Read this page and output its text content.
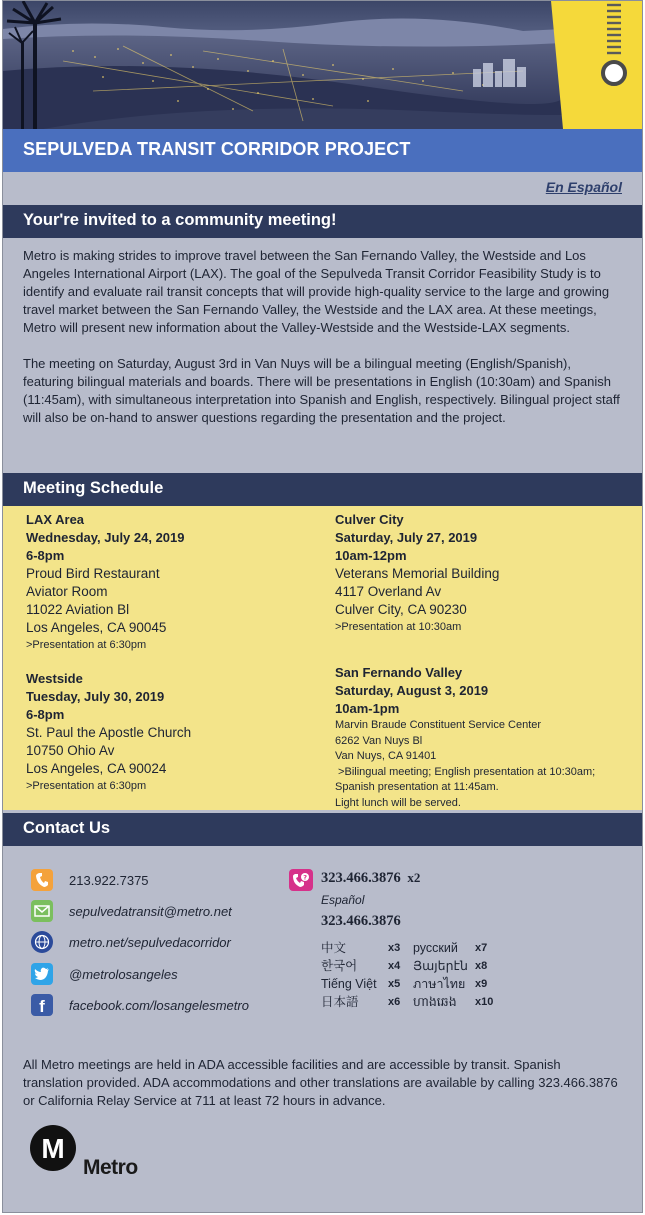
SEPULVEDA TRANSIT CORRIDOR PROJECT
En Español
Your're invited to a community meeting!

Metro is making strides to improve travel between the San Fernando Valley, the Westside and Los Angeles International Airport (LAX). The goal of the Sepulveda Transit Corridor Feasibility Study is to identify and evaluate rail transit concepts that will provide high-quality service to the large and growing travel market between the San Fernando Valley, the Westside and the LAX area. At these meetings, Metro will present new information about the Valley-Westside and the Westside-LAX segments.

The meeting on Saturday, August 3rd in Van Nuys will be a bilingual meeting (English/Spanish), featuring bilingual materials and boards. There will be presentations in English (10:30am) and Spanish (11:45am), with simultaneous interpretation into Spanish and English, respectively. Bilingual project staff will also be on-hand to answer questions regarding the presentation and the project.

Meeting Schedule
LAX Area
Wednesday, July 24, 2019
6-8pm
Proud Bird Restaurant
Aviator Room
11022 Aviation Bl
Los Angeles, CA 90045
>Presentation at 6:30pm
Culver City
Saturday, July 27, 2019
10am-12pm
Veterans Memorial Building
4117 Overland Av
Culver City, CA 90230
>Presentation at 10:30am
Westside
Tuesday, July 30, 2019
6-8pm
St. Paul the Apostle Church
10750 Ohio Av
Los Angeles, CA 90024
>Presentation at 6:30pm
San Fernando Valley
Saturday, August 3, 2019
10am-1pm
Marvin Braude Constituent Service Center
6262 Van Nuys Bl
Van Nuys, CA 91401
>Bilingual meeting; English presentation at 10:30am;
Spanish presentation at 11:45am.
Light lunch will be served.
Contact Us
213.922.7375
sepulvedatransit@metro.net
metro.net/sepulvedacorridor
@metrolosangeles
f facebook.com/losangelesmetro
? 323.466.3876 x2
Español
323.466.3876
中文	x3	русский	x7
한국어	x4	Յայերէն x8
Tiếng Việt	x5	ภาษาไทย x9
日本語	x6	ហាងឆេង	x10
All Metro meetings are held in ADA accessible facilities and are accessible by transit. Spanish translation provided. ADA accommodations and other translations are available by calling 323.466.3876 or California Relay Service at 711 at least 72 hours in advance.
M
Metro
